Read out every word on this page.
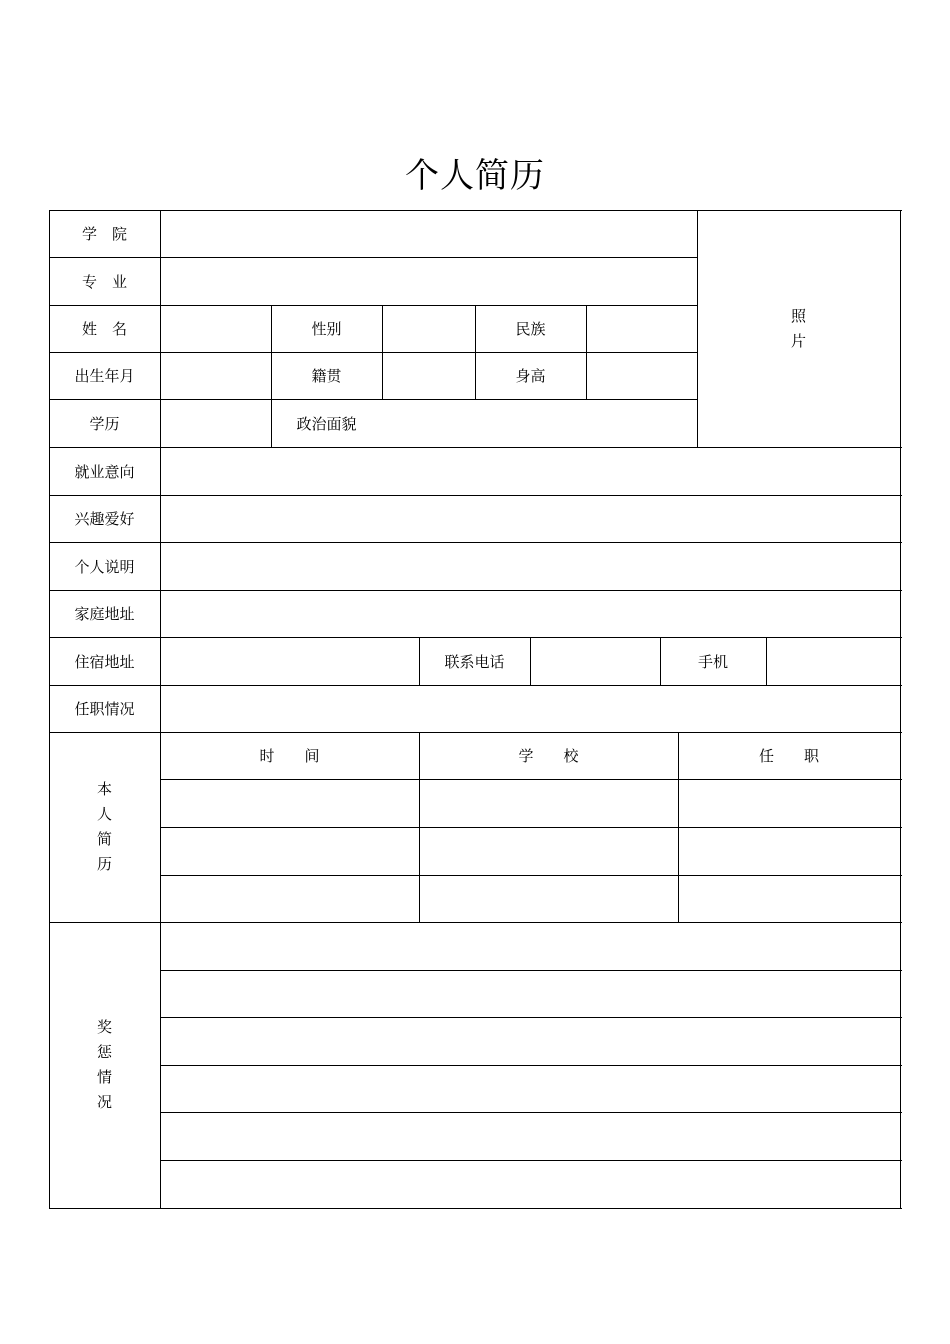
个人简历
学　院
专　业
姓　名	性别	民族
出生年月	籍贯	身高
学历	政治面貌
照
片
就业意向
兴趣爱好
个人说明
家庭地址
住宿地址	联系电话	手机
任职情况
本
人
简
历
时　　间	学　　校	任　　职
奖
惩
情
况
